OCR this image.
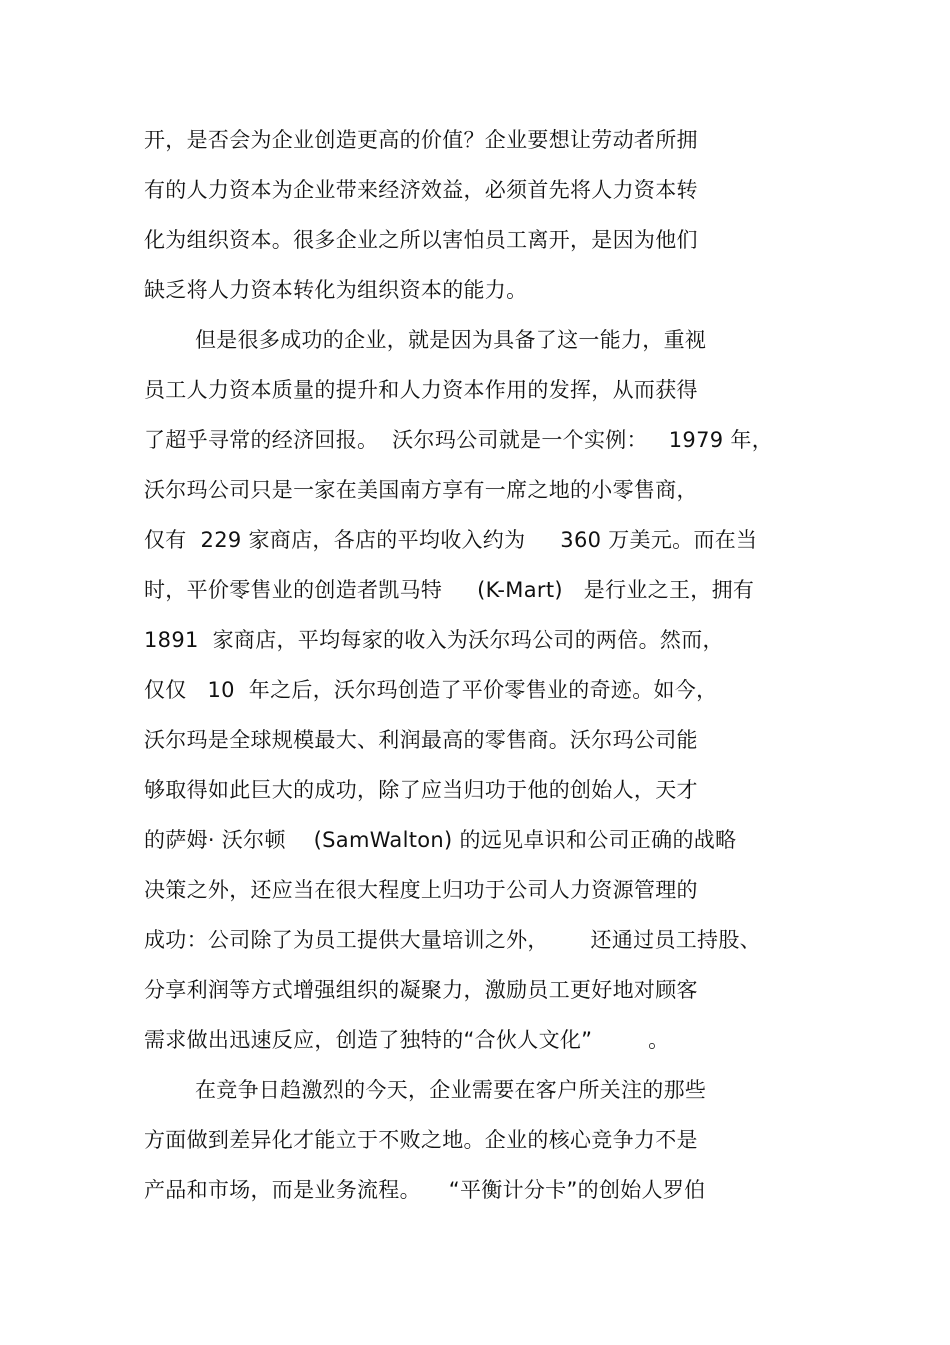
开，是否会为企业创造更高的价值？企业要想让劳动者所拥
有的人力资本为企业带来经济效益，必须首先将人力资本转
化为组织资本。很多企业之所以害怕员工离开，是因为他们
缺乏将人力资本转化为组织资本的能力。
但是很多成功的企业，就是因为具备了这一能力，重视
员工人力资本质量的提升和人力资本作用的发挥，从而获得
了超乎寻常的经济回报。  沃尔玛公司就是一个实例：   1979 年，
沃尔玛公司只是一家在美国南方享有一席之地的小零售商，
仅有  229 家商店，各店的平均收入约为     360 万美元。而在当
时，平价零售业的创造者凯马特     (K-Mart)   是行业之王，拥有
1891  家商店，平均每家的收入为沃尔玛公司的两倍。然而，
仅仅   10  年之后，沃尔玛创造了平价零售业的奇迹。如今，
沃尔玛是全球规模最大、利润最高的零售商。沃尔玛公司能
够取得如此巨大的成功，除了应当归功于他的创始人，天才
的萨姆· 沃尔顿    (SamWalton) 的远见卓识和公司正确的战略
决策之外，还应当在很大程度上归功于公司人力资源管理的
成功：公司除了为员工提供大量培训之外，      还通过员工持股、
分享利润等方式增强组织的凝聚力，激励员工更好地对顾客
需求做出迅速反应，创造了独特的“合伙人文化”        。
在竞争日趋激烈的今天，企业需要在客户所关注的那些
方面做到差异化才能立于不败之地。企业的核心竞争力不是
产品和市场，而是业务流程。    “平衡计分卡”的创始人罗伯
